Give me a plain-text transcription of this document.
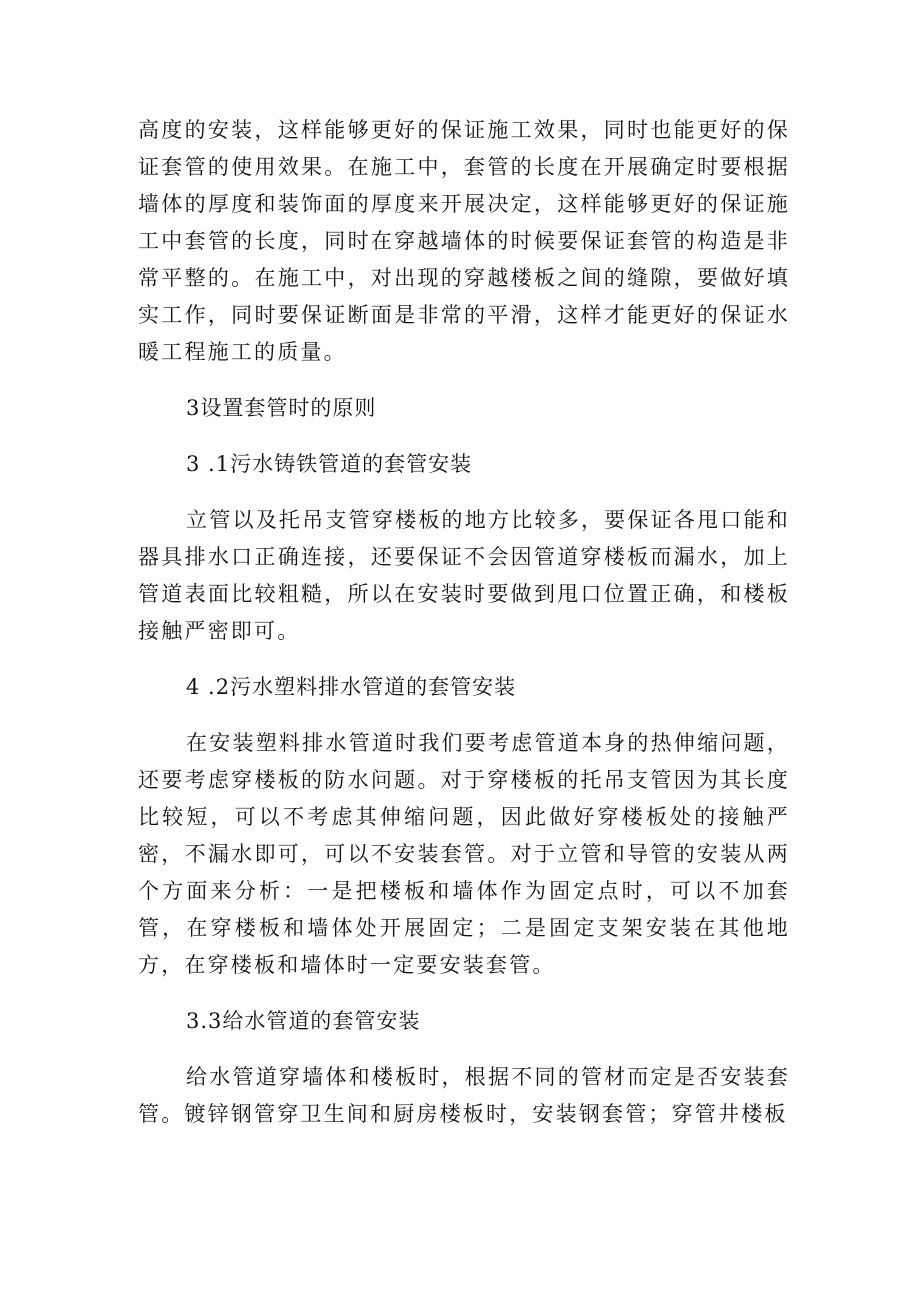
高度的安装，这样能够更好的保证施工效果，同时也能更好的保证套管的使用效果。在施工中，套管的长度在开展确定时要根据墙体的厚度和装饰面的厚度来开展决定，这样能够更好的保证施工中套管的长度，同时在穿越墙体的时候要保证套管的构造是非常平整的。在施工中，对出现的穿越楼板之间的缝隙，要做好填实工作，同时要保证断面是非常的平滑，这样才能更好的保证水暖工程施工的质量。

3设置套管时的原则

3 .1污水铸铁管道的套管安装

立管以及托吊支管穿楼板的地方比较多，要保证各甩口能和器具排水口正确连接，还要保证不会因管道穿楼板而漏水，加上管道表面比较粗糙，所以在安装时要做到甩口位置正确，和楼板接触严密即可。

4 .2污水塑料排水管道的套管安装

在安装塑料排水管道时我们要考虑管道本身的热伸缩问题，还要考虑穿楼板的防水问题。对于穿楼板的托吊支管因为其长度比较短，可以不考虑其伸缩问题，因此做好穿楼板处的接触严密，不漏水即可，可以不安装套管。对于立管和导管的安装从两个方面来分析：一是把楼板和墙体作为固定点时，可以不加套管，在穿楼板和墙体处开展固定；二是固定支架安装在其他地方，在穿楼板和墙体时一定要安装套管。

3.3给水管道的套管安装

给水管道穿墙体和楼板时，根据不同的管材而定是否安装套管。镀锌钢管穿卫生间和厨房楼板时，安装钢套管；穿管井楼板
